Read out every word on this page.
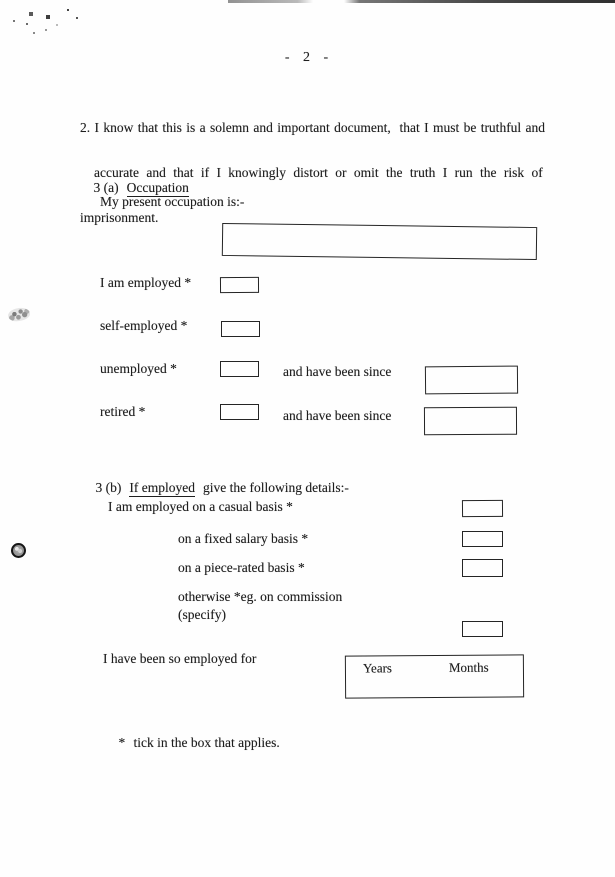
- 2 -

2. I know that this is a solemn and important document,  that I must be truthful and

accurate and that if I knowingly distort or omit the truth I run the risk of

imprisonment.

3 (a) Occupation

My present occupation is:-
I am employed *
self-employed *
unemployed *	and have been since
retired *	and have been since

3 (b) If employed give the following details:-

I am employed on a casual basis *
on a fixed salary basis *
on a piece-rated basis *
otherwise *eg. on commission
(specify)
I have been so employed for
Years	Months

* tick in the box that applies.
